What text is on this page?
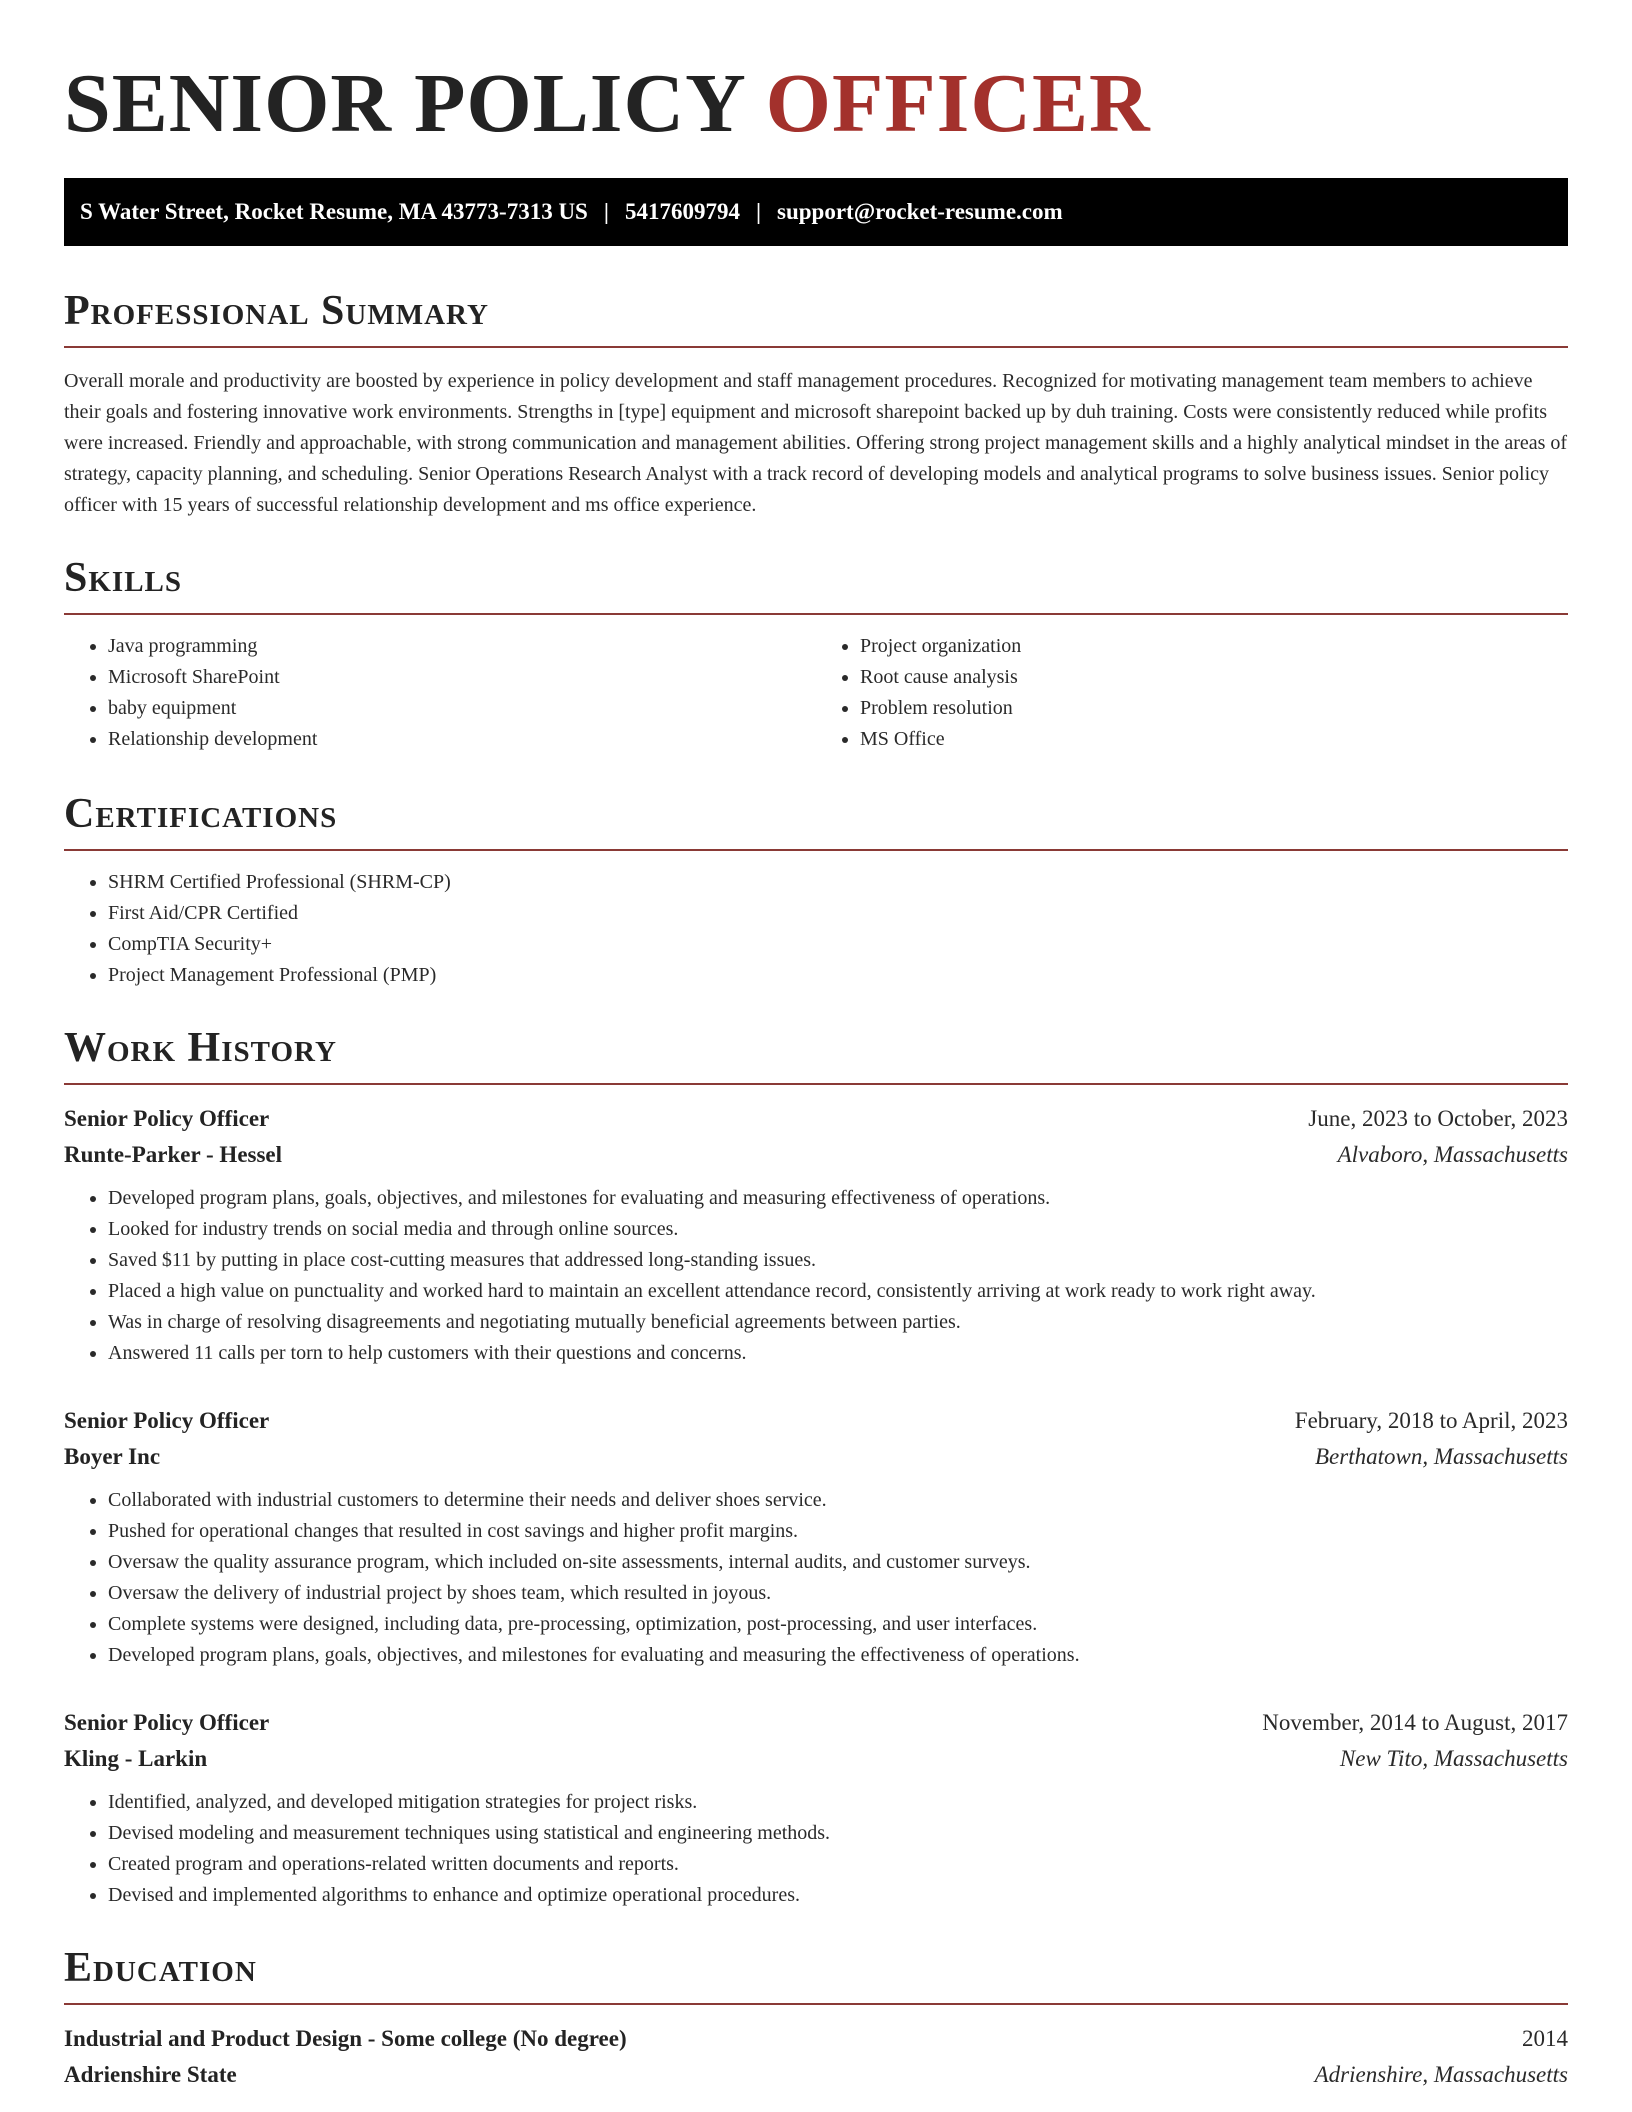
SENIOR POLICY OFFICER
S Water Street, Rocket Resume, MA 43773-7313 US | 5417609794 | support@rocket-resume.com
Professional Summary

Overall morale and productivity are boosted by experience in policy development and staff management procedures. Recognized for motivating management team members to achieve their goals and fostering innovative work environments. Strengths in [type] equipment and microsoft sharepoint backed up by duh training. Costs were consistently reduced while profits were increased. Friendly and approachable, with strong communication and management abilities. Offering strong project management skills and a highly analytical mindset in the areas of strategy, capacity planning, and scheduling. Senior Operations Research Analyst with a track record of developing models and analytical programs to solve business issues. Senior policy officer with 15 years of successful relationship development and ms office experience.

Skills
• Java programming
• Microsoft SharePoint
• baby equipment
• Relationship development
• Project organization
• Root cause analysis
• Problem resolution
• MS Office
Certifications
• SHRM Certified Professional (SHRM-CP)
• First Aid/CPR Certified
• CompTIA Security+
• Project Management Professional (PMP)
Work History
Senior Policy Officer	June, 2023 to October, 2023
Runte-Parker - Hessel	Alvaboro, Massachusetts
• Developed program plans, goals, objectives, and milestones for evaluating and measuring effectiveness of operations.
• Looked for industry trends on social media and through online sources.
• Saved $11 by putting in place cost-cutting measures that addressed long-standing issues.
• Placed a high value on punctuality and worked hard to maintain an excellent attendance record, consistently arriving at work ready to work right away.
• Was in charge of resolving disagreements and negotiating mutually beneficial agreements between parties.
• Answered 11 calls per torn to help customers with their questions and concerns.
Senior Policy Officer	February, 2018 to April, 2023
Boyer Inc	Berthatown, Massachusetts
• Collaborated with industrial customers to determine their needs and deliver shoes service.
• Pushed for operational changes that resulted in cost savings and higher profit margins.
• Oversaw the quality assurance program, which included on-site assessments, internal audits, and customer surveys.
• Oversaw the delivery of industrial project by shoes team, which resulted in joyous.
• Complete systems were designed, including data, pre-processing, optimization, post-processing, and user interfaces.
• Developed program plans, goals, objectives, and milestones for evaluating and measuring the effectiveness of operations.
Senior Policy Officer	November, 2014 to August, 2017
Kling - Larkin	New Tito, Massachusetts
• Identified, analyzed, and developed mitigation strategies for project risks.
• Devised modeling and measurement techniques using statistical and engineering methods.
• Created program and operations-related written documents and reports.
• Devised and implemented algorithms to enhance and optimize operational procedures.
Education
Industrial and Product Design - Some college (No degree)	2014
Adrienshire State	Adrienshire, Massachusetts
